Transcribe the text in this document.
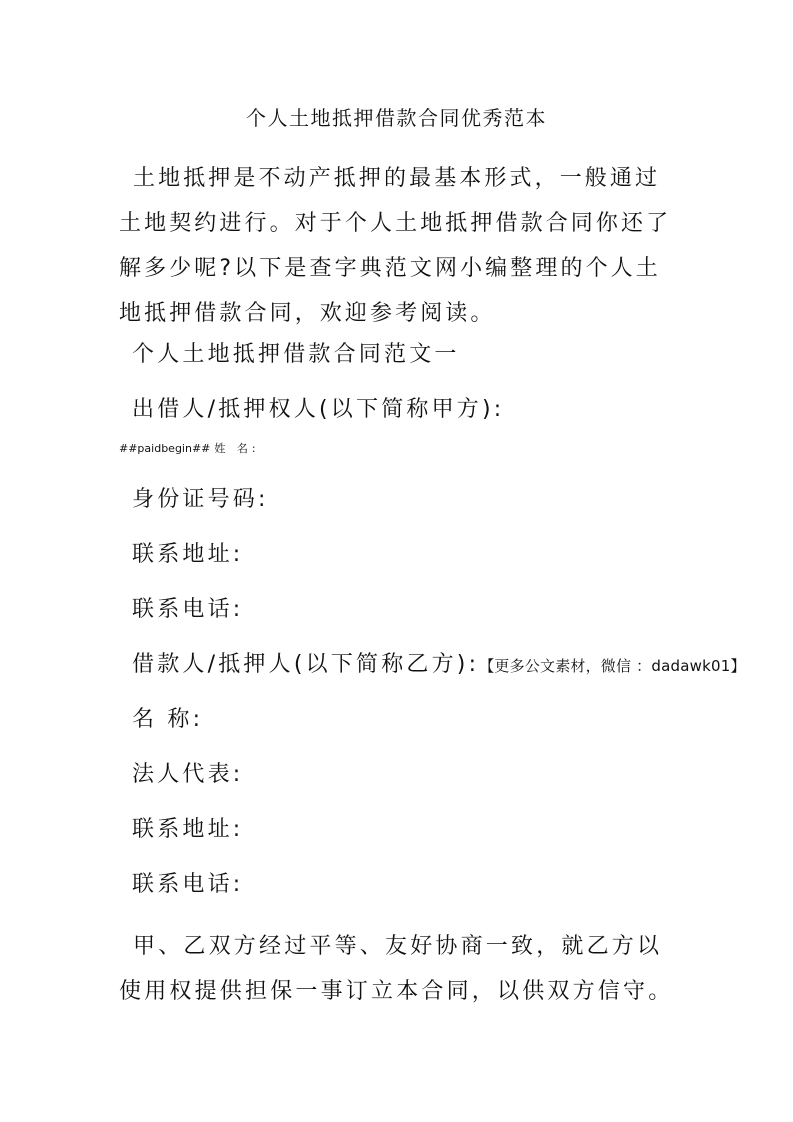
个人土地抵押借款合同优秀范本

土地抵押是不动产抵押的最基本形式，一般通过土地契约进行。对于个人土地抵押借款合同你还了解多少呢?以下是查字典范文网小编整理的个人土地抵押借款合同，欢迎参考阅读。

个人土地抵押借款合同范文一

出借人/抵押权人(以下简称甲方):

##paidbegin## 姓 名:

身份证号码:

联系地址:

联系电话:

借款人/抵押人(以下简称乙方):【更多公文素材，微信 ：dadawk01】

名 称:

法人代表:

联系地址:

联系电话:

甲、乙双方经过平等、友好协商一致，就乙方以 使用权提供担保一事订立本合同，以供双方信守。
